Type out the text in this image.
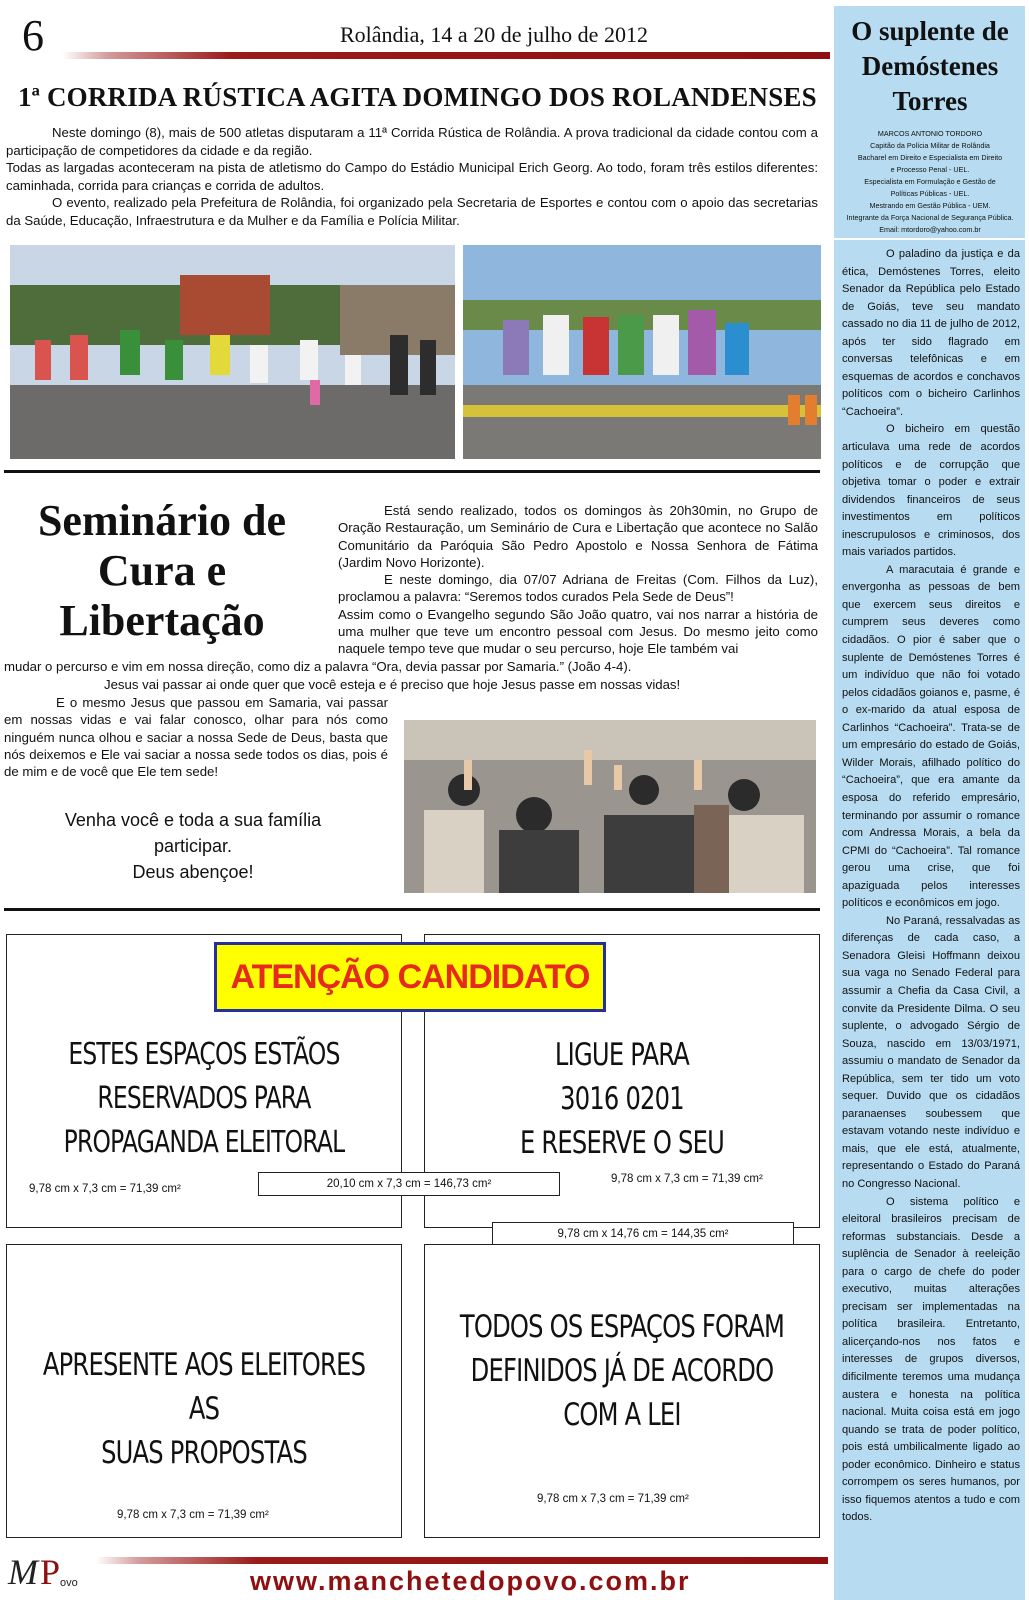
6	Rolândia, 14 a 20 de julho de 2012
1ª CORRIDA RÚSTICA AGITA DOMINGO DOS ROLANDENSES

Neste domingo (8), mais de 500 atletas disputaram a 11ª Corrida Rústica de Rolândia. A prova tradicional da cidade contou com a participação de competidores da cidade e da região.

Todas as largadas aconteceram na pista de atletismo do Campo do Estádio Municipal Erich Georg. Ao todo, foram três estilos diferentes: caminhada, corrida para crianças e corrida de adultos.

O evento, realizado pela Prefeitura de Rolândia, foi organizado pela Secretaria de Esportes e contou com o apoio das secretarias da Saúde, Educação, Infraestrutura e da Mulher e da Família e Polícia Militar.

Seminário de
Cura e
Libertação

Está sendo realizado, todos os domingos às 20h30min, no Grupo de Oração Restauração, um Seminário de Cura e Libertação que acontece no Salão Comunitário da Paróquia São Pedro Apostolo e Nossa Senhora de Fátima (Jardim Novo Horizonte).

E neste domingo, dia 07/07 Adriana de Freitas (Com. Filhos da Luz), proclamou a palavra: “Seremos todos curados Pela Sede de Deus”!

Assim como o Evangelho segundo São João quatro, vai nos narrar a história de uma mulher que teve um encontro pessoal com Jesus. Do mesmo jeito como naquele tempo teve que mudar o seu percurso, hoje Ele também vai

mudar o percurso e vim em nossa direção, como diz a palavra “Ora, devia passar por Samaria.” (João 4-4).
Jesus vai passar ai onde quer que você esteja e é preciso que hoje Jesus passe em nossas vidas!
E o mesmo Jesus que passou em Samaria, vai passar em nossas vidas e vai falar conosco, olhar para nós como ninguém nunca olhou e saciar a nossa Sede de Deus, basta que nós deixemos e Ele vai saciar a nossa sede todos os dias, pois é de mim e de você que Ele tem sede!
Venha você e toda a sua família
participar.
Deus abençoe!
ESTES ESPAÇOS ESTÃOS
RESERVADOS PARA
PROPAGANDA ELEITORAL
9,78 cm x 7,3 cm = 71,39 cm²
LIGUE PARA
3016 0201
E RESERVE O SEU
9,78 cm x 7,3 cm = 71,39 cm²
ATENÇÃO CANDIDATO
20,10 cm x 7,3 cm = 146,73 cm²
9,78 cm x 14,76 cm = 144,35 cm²
APRESENTE AOS ELEITORES AS
SUAS PROPOSTAS
9,78 cm x 7,3 cm = 71,39 cm²
TODOS OS ESPAÇOS FORAM
DEFINIDOS JÁ DE ACORDO
COM A LEI
9,78 cm x 7,3 cm = 71,39 cm²
O suplente de
Demóstenes
Torres
MARCOS ANTONIO TORDORO
Capitão da Polícia Militar de Rolândia
Bacharel em Direito e Especialista em Direito
e Processo Penal - UEL.
Especialista em Formulação e Gestão de
Políticas Públicas - UEL.
Mestrando em Gestão Pública - UEM.
Integrante da Força Nacional de Segurança Pública.
Email: mtordoro@yahoo.com.br

O paladino da justiça e da ética, Demóstenes Torres, eleito Senador da República pelo Estado de Goiás, teve seu mandato cassado no dia 11 de julho de 2012, após ter sido flagrado em conversas telefônicas e em esquemas de acordos e conchavos políticos com o bicheiro Carlinhos “Cachoeira”.

O bicheiro em questão articulava uma rede de acordos políticos e de corrupção que objetiva tomar o poder e extrair dividendos financeiros de seus investimentos em políticos inescrupulosos e criminosos, dos mais variados partidos.

A maracutaia é grande e envergonha as pessoas de bem que exercem seus direitos e cumprem seus deveres como cidadãos. O pior é saber que o suplente de Demóstenes Torres é um indivíduo que não foi votado pelos cidadãos goianos e, pasme, é o ex-marido da atual esposa de Carlinhos “Cachoeira”. Trata-se de um empresário do estado de Goiás, Wilder Morais, afilhado político do “Cachoeira”, que era amante da esposa do referido empresário, terminando por assumir o romance com Andressa Morais, a bela da CPMI do “Cachoeira”. Tal romance gerou uma crise, que foi apaziguada pelos interesses políticos e econômicos em jogo.

No Paraná, ressalvadas as diferenças de cada caso, a Senadora Gleisi Hoffmann deixou sua vaga no Senado Federal para assumir a Chefia da Casa Civil, a convite da Presidente Dilma. O seu suplente, o advogado Sérgio de Souza, nascido em 13/03/1971, assumiu o mandato de Senador da República, sem ter tido um voto sequer. Duvido que os cidadãos paranaenses soubessem que estavam votando neste indivíduo e mais, que ele está, atualmente, representando o Estado do Paraná no Congresso Nacional.

O sistema político e eleitoral brasileiros precisam de reformas substanciais. Desde a suplência de Senador à reeleição para o cargo de chefe do poder executivo, muitas alterações precisam ser implementadas na política brasileira. Entretanto, alicerçando-nos nos fatos e interesses de grupos diversos, dificilmente teremos uma mudança austera e honesta na política nacional. Muita coisa está em jogo quando se trata de poder político, pois está umbilicalmente ligado ao poder econômico. Dinheiro e status corrompem os seres humanos, por isso fiquemos atentos a tudo e com todos.

M P ovo	www.manchetedopovo.com.br
